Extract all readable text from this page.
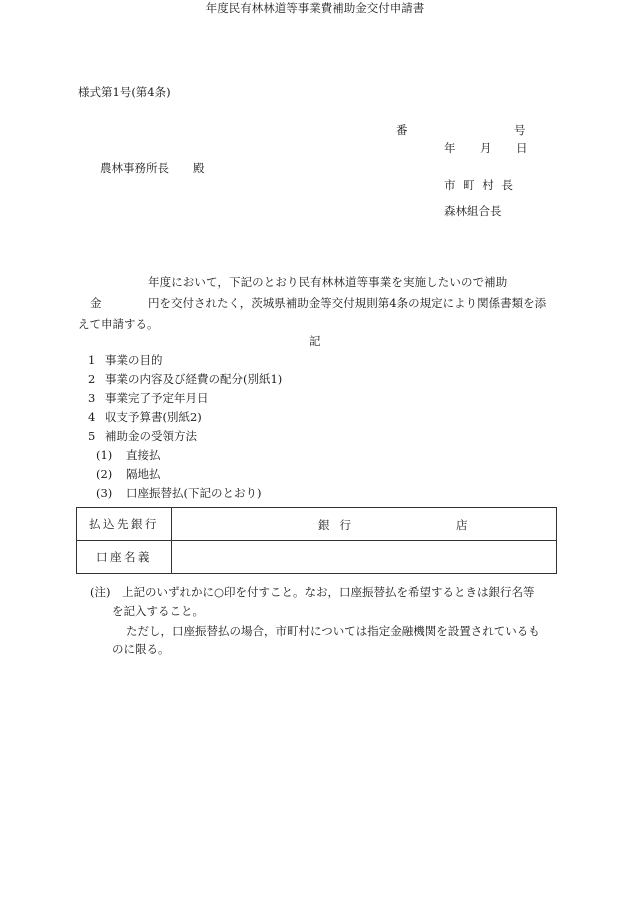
様式第1号(第4条)
番	号
年 月 日
農林事務所長 殿
市 町 村 長
森林組合長
年度民有林林道等事業費補助金交付申請書
年度において，下記のとおり民有林林道等事業を実施したいので補助
金	円を交付されたく，茨城県補助金等交付規則第4条の規定により関係書類を添
えて申請する。
記
1 事業の目的
2 事業の内容及び経費の配分(別紙1)
3 事業完了予定年月日
4 収支予算書(別紙2)
5 補助金の受領方法
(1) 直接払
(2) 隔地払
(3) 口座振替払(下記のとおり)
払込先銀行	銀行 店

口座名義	
(注)　上記のいずれかに○印を付すこと。なお，口座振替払を希望するときは銀行名等
を記入すること。
ただし，口座振替払の場合，市町村については指定金融機関を設置されているも
のに限る。
